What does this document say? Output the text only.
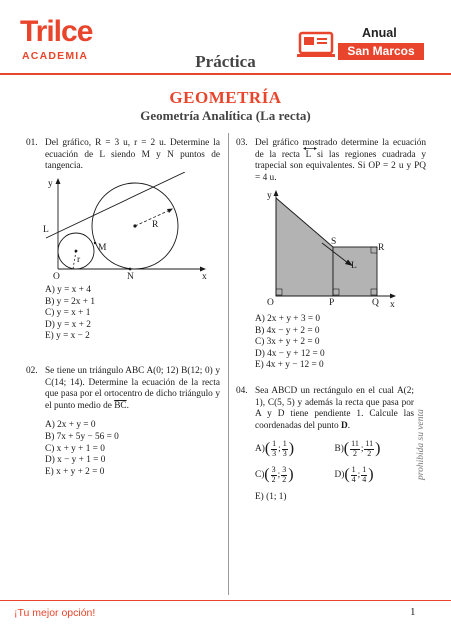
Trilce
ACADEMIA	Práctica
Anual
San Marcos
GEOMETRÍA
Geometría Analítica (La recta)
01. Del gráfico, R = 3 u, r = 2 u. Determine la ecuación de L siendo M y N puntos de tangencia.
y
x
L	R
M
r
O	N
A) y = x + 4
B) y = 2x + 1
C) y = x + 1
D) y = x + 2
E) y = x − 2
02. Se tiene un triángulo ABC A(0; 12) B(12; 0) y C(14; 14). Determine la ecuación de la recta que pasa por el ortocentro de dicho triángulo y el punto medio de $\overline{BC}$.
A) 2x + y = 0
B) 7x + 5y − 56 = 0
C) x + y + 1 = 0
D) x − y + 1 = 0
E) x + y + 2 = 0
03. Del gráfico mostrado determine la ecuación de la recta
L si las regiones cuadrada y trapecial son equivalentes. Si OP = 2 u y PQ = 4 u.
y
x
S
R
L
O	P	Q
A) 2x + y + 3 = 0
B) 4x − y + 2 = 0
C) 3x + y + 2 = 0
D) 4x − y + 12 = 0
E) 4x + y − 12 = 0
04. Sea ABCD un rectángulo en el cual A(2; 1), C(5, 5) y además la recta que pasa por A y D tiene pendiente 1. Calcule las coordenadas del punto D.
A) ( $\frac{1}{3}$ ; $\frac{1}{3}$ )	B) ( $\frac{11}{2}$ ; $\frac{11}{2}$ )
C) ( $\frac{3}{2}$ ; $\frac{3}{2}$ )	D) ( $\frac{1}{4}$ ; $\frac{1}{4}$ )
E) (1; 1)
prohibida su venta
¡Tu mejor opción!	1
